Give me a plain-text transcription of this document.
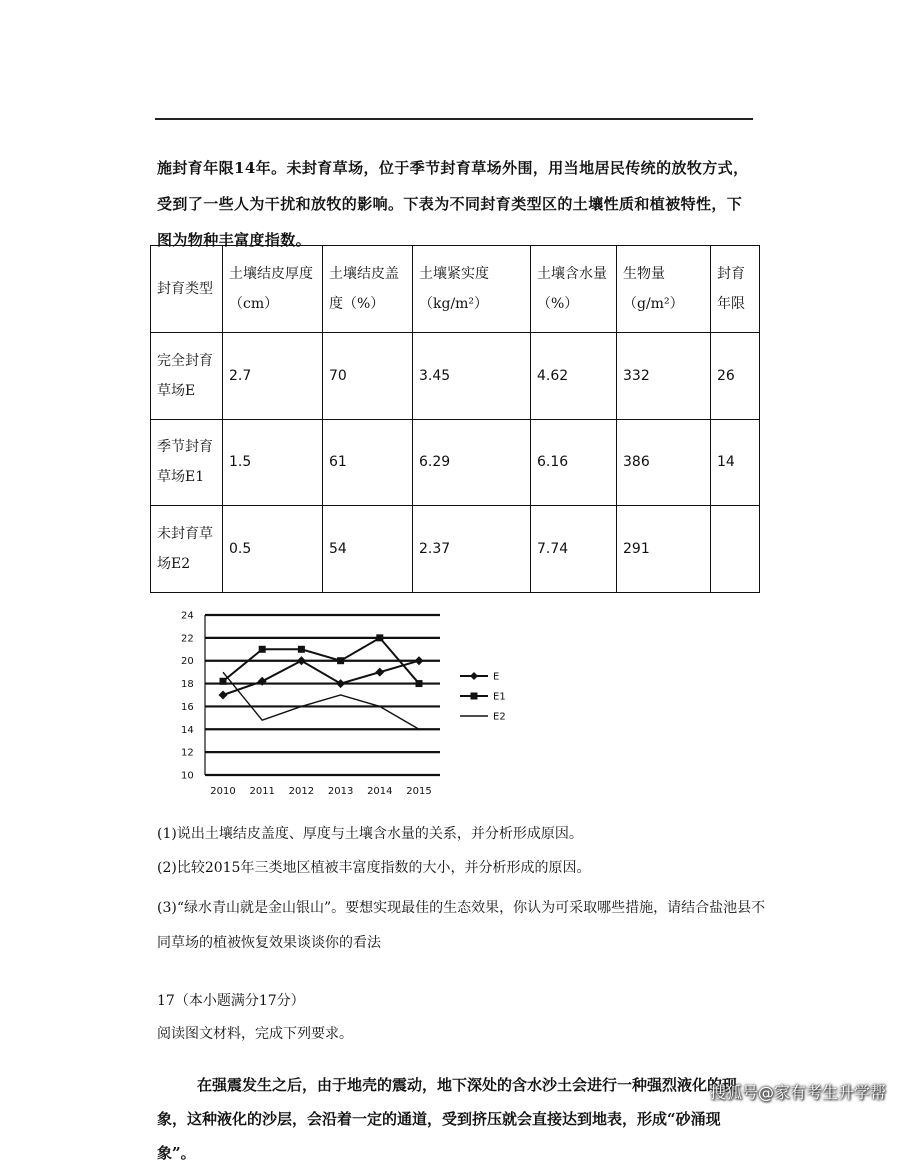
施封育年限14年。未封育草场，位于季节封育草场外围，用当地居民传统的放牧方式，受到了一些人为干扰和放牧的影响。下表为不同封育类型区的土壤性质和植被特性，下图为物种丰富度指数。

封育类型	土壤结皮厚度（cm）	土壤结皮盖度（%）	土壤紧实度（kg/m²）	土壤含水量（%）	生物量（g/m²）	封育年限
完全封育草场E	2.7	70	3.45	4.62	332	26
季节封育草场E1	1.5	61	6.29	6.16	386	14
未封育草场E2	0.5	54	2.37	7.74	291	
10
12
14
16
18
20
22
24
2010 2011 2012 2013 2014 2015
E
E1
E2

(1)说出土壤结皮盖度、厚度与土壤含水量的关系，并分析形成原因。

(2)比较2015年三类地区植被丰富度指数的大小，并分析形成的原因。

(3)“绿水青山就是金山银山”。要想实现最佳的生态效果，你认为可采取哪些措施，请结合盐池县不同草场的植被恢复效果谈谈你的看法

17（本小题满分17分）
阅读图文材料，完成下列要求。

在强震发生之后，由于地壳的震动，地下深处的含水沙土会进行一种强烈液化的现象，这种液化的沙层，会沿着一定的通道，受到挤压就会直接达到地表，形成“砂涌现象”。

搜狐号@家有考生升学帮
